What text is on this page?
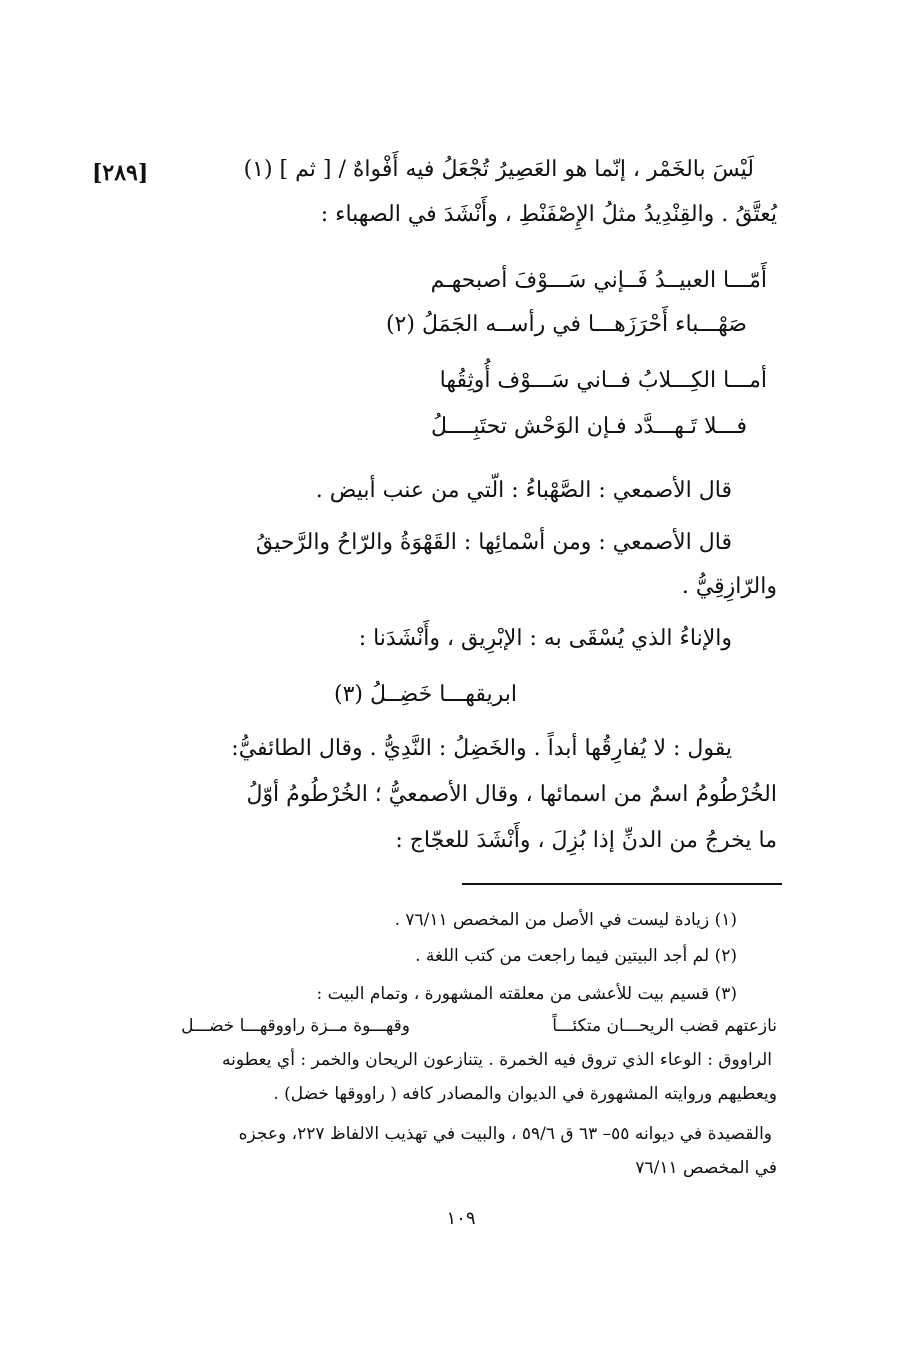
[٢٨٩]	لَيْسَ بالخَمْر ، إنّما هو العَصِيرُ تُجْعَلُ فيه أَفْواهٌ / [ ثم ] (١)
يُعتَّقُ . والقِنْدِيدُ مثلُ الإِصْفَنْطِ ، وأَنْشَدَ في الصهباء :
أَمّـــا العبيــدُ فَــإني سَـــوْفَ أصبحهـم
صَهْـــباء أَحْرَزَهـــا في رأســه الجَمَلُ (٢)
أمـــا الكِـــلابُ فــاني سَـــوْف أُوثِقُها
فـــلا تَـهـــدَّد فـإن الوَحْش تحتَبِــــلُ
قال الأصمعي : الصَّهْباءُ : الّتي من عنب أبيض .
قال الأصمعي : ومن أسْمائِها : القَهْوَةُ والرّاحُ والرَّحيقُ
والرّازِقِيُّ .
والإناءُ الذي يُسْقَى به : الإبْرِيق ، وأَنْشَدَنا :
ابريقهـــا خَضِــلُ (٣)
يقول : لا يُفارِقُها أبداً . والخَضِلُ : النَّدِيُّ . وقال الطائفيُّ:
الخُرْطُومُ اسمٌ من اسمائها ، وقال الأصمعيُّ ؛ الخُرْطُومُ أوّلُ
ما يخرجُ من الدنِّ إذا بُزِلَ ، وأَنْشَدَ للعجّاج :
(١) زيادة ليست في الأصل من المخصص ٧٦/١١ .
(٢) لم أجد البيتين فيما راجعت من كتب اللغة .
(٣) قسيم بيت للأعشى من معلقته المشهورة ، وتمام البيت :
وقهـــوة مــزة راووقهـــا خضـــل	نازعتهم قضب الريحـــان متكئـــاً
الراووق : الوعاء الذي تروق فيه الخمرة . يتنازعون الريحان والخمر : أي يعطونه
ويعطيهم وروايته المشهورة في الديوان والمصادر كافه ( راووقها خضل) .
والقصيدة في ديوانه ٥٥– ٦٣ ق ٥٩/٦ ، والبيت في تهذيب الالفاظ ٢٢٧، وعجزه
في المخصص ٧٦/١١
١٠٩
